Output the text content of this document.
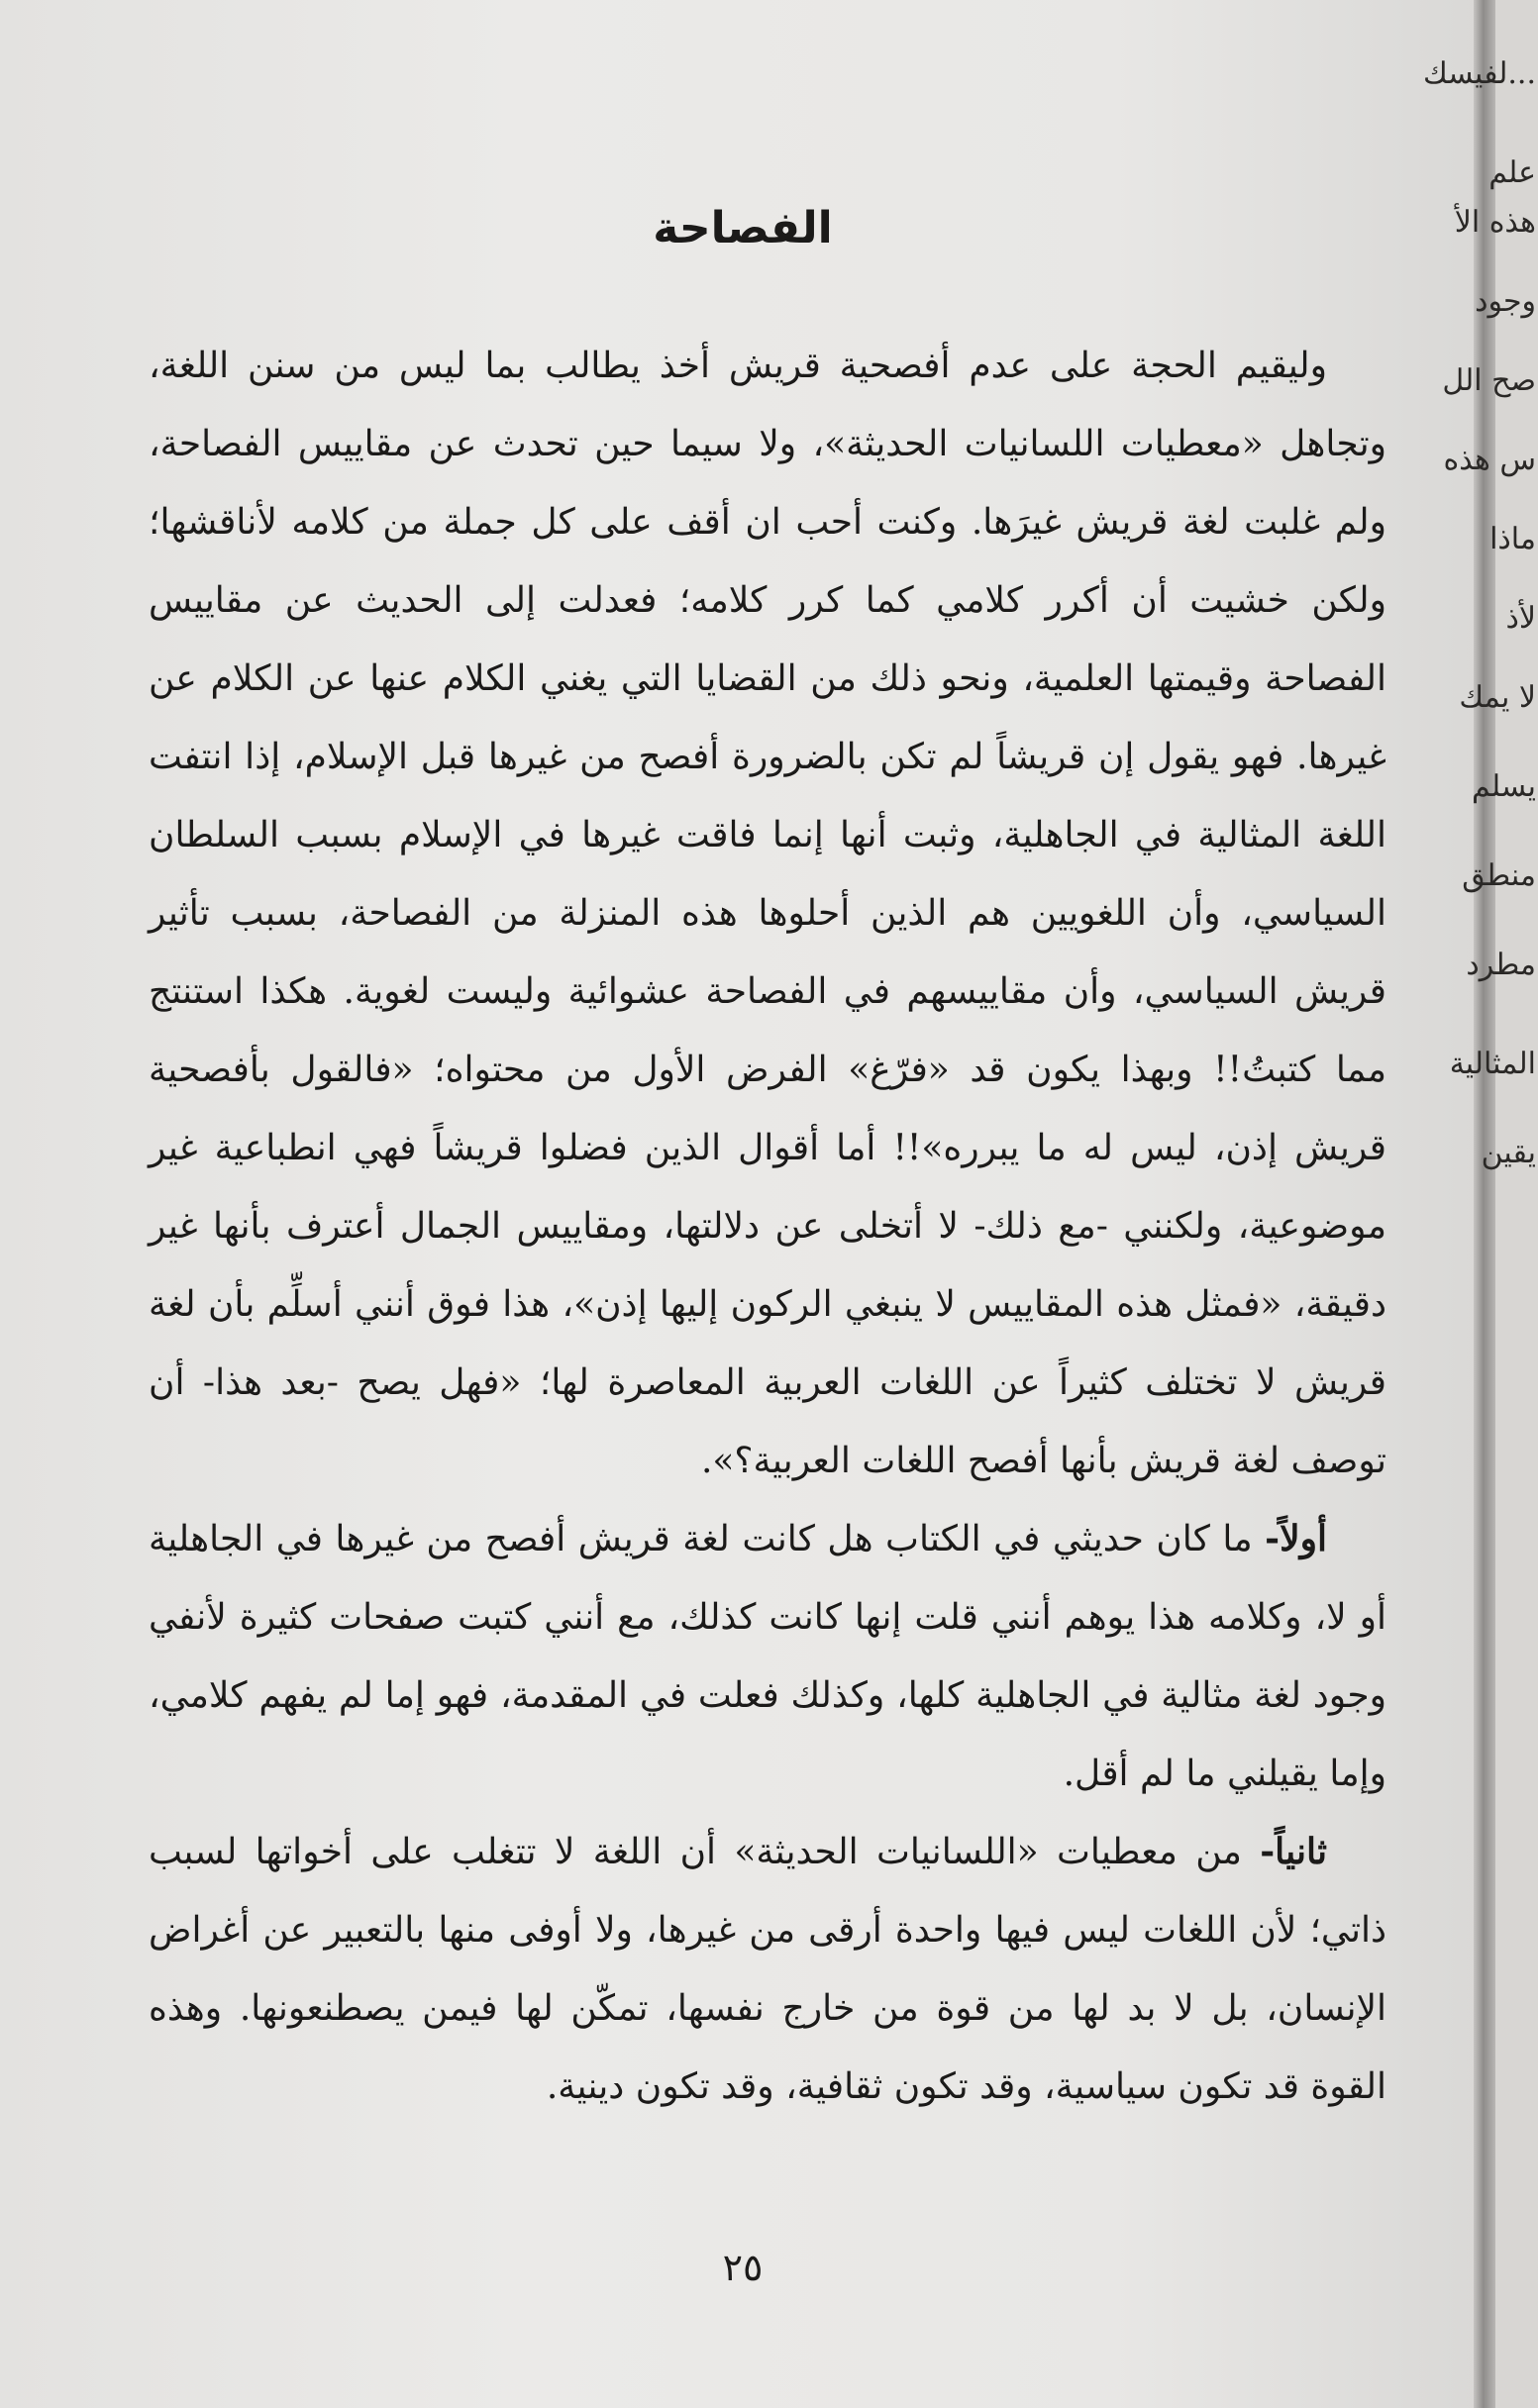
الفصاحة

وليقيم الحجة على عدم أفصحية قريش أخذ يطالب بما ليس من سنن اللغة، وتجاهل «معطيات اللسانيات الحديثة»، ولا سيما حين تحدث عن مقاييس الفصاحة، ولم غلبت لغة قريش غيرَها. وكنت أحب ان أقف على كل جملة من كلامه لأناقشها؛ ولكن خشيت أن أكرر كلامي كما كرر كلامه؛ فعدلت إلى الحديث عن مقاييس الفصاحة وقيمتها العلمية، ونحو ذلك من القضايا التي يغني الكلام عنها عن الكلام عن غيرها. فهو يقول إن قريشاً لم تكن بالضرورة أفصح من غيرها قبل الإسلام، إذا انتفت اللغة المثالية في الجاهلية، وثبت أنها إنما فاقت غيرها في الإسلام بسبب السلطان السياسي، وأن اللغويين هم الذين أحلوها هذه المنزلة من الفصاحة، بسبب تأثير قريش السياسي، وأن مقاييسهم في الفصاحة عشوائية وليست لغوية. هكذا استنتج مما كتبتُ!! وبهذا يكون قد «فرّغ» الفرض الأول من محتواه؛ «فالقول بأفصحية قريش إذن، ليس له ما يبرره»!! أما أقوال الذين فضلوا قريشاً فهي انطباعية غير موضوعية، ولكنني -مع ذلك- لا أتخلى عن دلالتها، ومقاييس الجمال أعترف بأنها غير دقيقة، «فمثل هذه المقاييس لا ينبغي الركون إليها إذن»، هذا فوق أنني أسلِّم بأن لغة قريش لا تختلف كثيراً عن اللغات العربية المعاصرة لها؛ «فهل يصح -بعد هذا- أن توصف لغة قريش بأنها أفصح اللغات العربية؟».

أولاً- ما كان حديثي في الكتاب هل كانت لغة قريش أفصح من غيرها في الجاهلية أو لا، وكلامه هذا يوهم أنني قلت إنها كانت كذلك، مع أنني كتبت صفحات كثيرة لأنفي وجود لغة مثالية في الجاهلية كلها، وكذلك فعلت في المقدمة، فهو إما لم يفهم كلامي، وإما يقيلني ما لم أقل.

ثانياً- من معطيات «اللسانيات الحديثة» أن اللغة لا تتغلب على أخواتها لسبب ذاتي؛ لأن اللغات ليس فيها واحدة أرقى من غيرها، ولا أوفى منها بالتعبير عن أغراض الإنسان، بل لا بد لها من قوة من خارج نفسها، تمكّن لها فيمن يصطنعونها. وهذه القوة قد تكون سياسية، وقد تكون ثقافية، وقد تكون دينية.

٢٥
...لفيسك
علم
هذه الأ
وجود
صح الل
س هذه
ماذا
لأذ
لا يمك
يسلم
منطق
مطرد
المثالية
يقين
